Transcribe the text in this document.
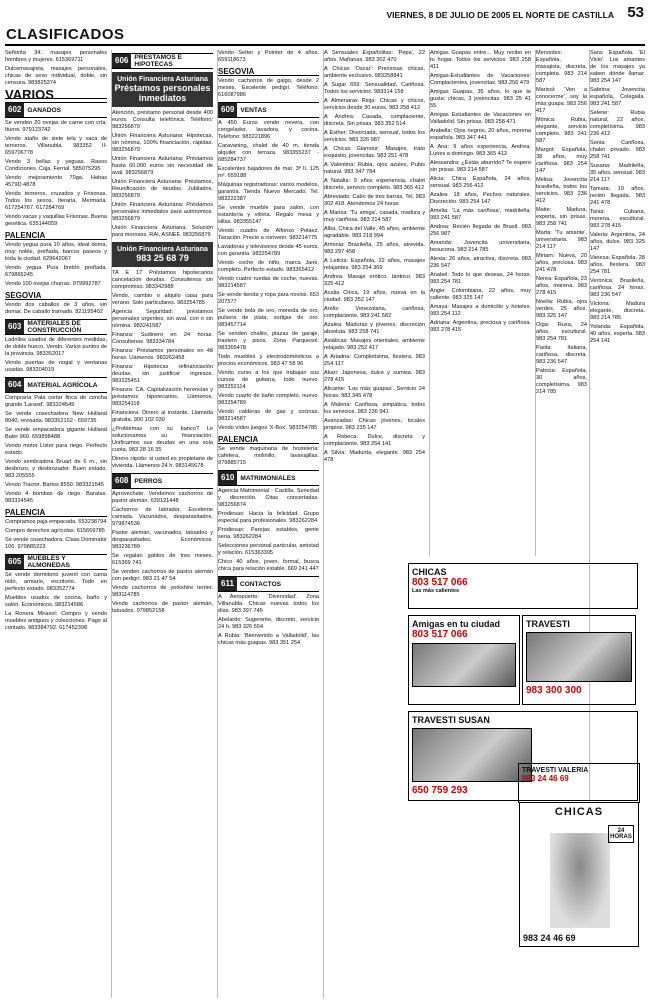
CLASIFICADOS
VIERNES, 8 DE JULIO DE 2005 EL NORTE DE CASTILLA 53
Señorita 34. masajes personales hombres y mujeres. 615369711
Dulcemasajista, masajes personales, chicas de sexo individual, doble, sin censura. 983825374
VARIOS
602 GANADOS
Se venden 20 ovejas de carne con cría. Iturrei. 979123742
Vendo ataño de siete tela y vaca de terneros. Villanubla. 983352 II-659706778
Vendo 3 bellas y yeguas. Rasos Condiciones. Caja. Ferrial. 585075295
Vendo mejoramiento 70ga. Hahas 4579D.4878
Vendo terneros, cruzados y Frisonas. Todos los sexos. Iteraria, Mermaria. 617254767. 617284769
Vendo vacas y vaquillas Frisonas. Buena genética. 635144059
PALENCIA
Vendo yegua pura 10 años, ideal doma, muy noble, preñada, barcos paseos y toda la ciudad. 629642067
Vendo yegua Pura bretón preñada. 679865245
Vendo 100 ovejas churras. 979992787
SEGOVIA
Vendo dos caballos de 3 años, sin domar. De caballo tramado. 821195402
603 MATERIALES DE CONSTRUCCIÓN
Ladrillos usados de diferentes medidas, de doble hueco. Vendo. Varios puntos de la provincia. 983352017
Vendo puertas de nogal y ventanas usadas. 983204019
604 MATERIAL AGRÍCOLA
Compraría Pala cortar finca de concha grande 'Larasd'. 983324545
Se vende cosechadora New Holland 8040, revisada. 983352152 - 659735
Se vende empacadora gigante Holland Baler 960. 659898488
Vendo motor Lister para riego. Perfecto estado.
Vendo sembradora Bruart de 6 m., sin desbrozo, y desbrozador. Buen estado. 983 205555
Vendo Tractor. Bartos 8550. 983321545
Vendo 4 bombas de riego. Baratas. 983324545
PALENCIA
Compramos paja empacada. 653238794
Compro derechos agrícolas. 615669785
Se vende cosechadora. Claas Dominator 106. 979885223
605 MUEBLES Y ALMONEDAS
Se vende dormitorio juvenil con cama nido, armario, escritorio. Todo en perfecto estado. 983352774
Muebles usados de cocina, baño y salón. Económicos. 983214586
La Ronera Mirasol: Compro y vendo muebles antiguos y colecciones. Pago al contado. 983384792. 617452398
606 PRESTAMOS E HIPOTECAS
Unión Financiera Asturiana
Préstamos personales inmediatos
Atención, préstamo personal desde 400 euros. Consulta telefónica. Teléfono: 983256879
Unión Financiera Asturiana: Hipotecas, sin nómina, 100% financiación, rápidas. 983256879
Unión Financiera Asturiana: Préstamos hasta 60.000 euros sin necesidad de aval. 983256879
Unión Financiera Asturiana: Préstamos, Reunificación de deudas. Jubilados. 983256879
Unión Financiera Asturiana: Préstamos personales inmediatos para autónomos. 983256879
Unión Financiera Asturiana: Solución para morosos, RAI, ASNEF. 983256879
Unión Financiera Asturiana
983 25 68 79
TA E 17 Préstamos hipotecarios cancelación deudas. Consultenos sin compromiso. 983342988
Vendo, cambio o alquilo casa para verano. Solo particulares. 983254785
Agencia Seguridad: préstamos personales urgentes, sin aval, con o sin nómina. 983241587
Finanza: Sudinero en 24 horas. Consultenos. 983334784
Finanza: Préstamos personales en 48 horas. Llámenos. 983262458
Finanza: Hipotecas refinanciación deudas, sin justificar ingresos. 983225451
Finanza: CA. Capitalización herencias y préstamos hipotecarios. Llámenos. 983254118
Financiera: Dinero al instante. Llamada gratuita. 900 102 030
¿Problemas con su banco? Le solucionamos su financiación. Unificamos sus deudas en una sola cuota. 983 28 16 35
Dinero rápido: si usted es propietario de vivienda. Llámenos 24 h. 983145678
608 PERROS
Aprovechate. Vendemos cachorros de pastor alemán. 639121448
Cachorros de labrador. Excelente camada. Vacunados, desparasitados. 979874536
Pastor alemán, vacunados, tatuados y desparasitados. Económicos. 983236789
Se regalan gatitos de tres meses. 615369 741
Se venden cachorros de pastor alemán con pedigrí. 983 21 47 54
Vendo cachorros de yorkshire terrier. 983114785
Vendo cachorros de pastor alemán, tatuados. 979852158
Vendo Setter y Pointer de 4 años. 659118673
SEGOVIA
Vendo cachorros de galgo, desde 2 meses. Excelente pedigrí. Teléfono: 616087986
609 VENTAS
A 450 Euros vendo nevera, con congelador, lavadora, y cocina. Teléfono: 983221896
Caravaning, chalet de 40 m, tienda alquiler con terraza. 983355237 - 685284737
Excelentes bajadores de mar. 3ª lí. 125 m². 659188
Máquinas registradoras: varios modelos, garantía. Tienda Nuevo Mercado. Tel. 983222387
Se vende mueble para salón, con estantería y vitrina. Regalo mesa y sillas. 983355147
Vendo cuadro de Alfonso Pelaez. Tasación. Precio a convenir. 983214775
Lavadoras y televisores desde 45 euros, con garantía. 983254789
Vendo coche de niño, marca Jané, completo. Perfecto estado. 983365412
Vendo cuatro ruedas de coche, nuevas. 983214587
Se vende tienda y ropa para novios. 653 207577
Se vende bola de oro, moneda de oro, pulsera de plata, sortijas de oro. 983457714
Se venden chalés, plazas de garaje, trastero y pisos. Zona Parquesol. 983365478
Todo muebles y electrodomésticos a precios económicos. 983 47 58 96
Vendo curso a los que trabajan sus cursos de guitarra, todo nuevo. 983252114
Vendo cuarto de baño completo, nuevo. 983254789
Vendo calderas de gas y cocinas. 983214587
Vendo vídeo juegos 'X-Box'. 983254785
PALENCIA
Se vende maquinaria de hostelería: cafetera, molinillo, lavavajillas. 979885715
610 MATRIMONIALES
Agencia Matrimonial - Castilla. Seriedad y discreción. Citas concertadas. 983256874
Prodiesas: Hacia la felicidad. Grupo especial para profesionales. 983262284
Prodiesas: Parejas estables, gente seria. 983262284
Selecciones personal particular, amistad y relación. 615363395
Chico 40 años, joven, formal, busca chica para relación estable. 669 241 447
611 CONTACTOS
A Aeropuerto: 'Diversidad'. Zona Villanubla. Chicas nuevas todos los días. 983 397 745
Abelardo: Sugerente, discreto, servicio 24 h. 983 326 554
A Rubia: 'Bienvenido a Valladolid', las chicas más guapas. 983 351 254
A Sensuales Españolitas: 'Pepa', 22 años. Mañanas. 983 302 470
A Chicas 'Oscar': Preciosas chicas, ambiente exclusivo. 983258841
A Sugar 659: Sensualidad, Cariñosa. Todos los servicios. 983314 158
A Almenaras Rioja: Chicas y chicos, servicios desde 30 euros. 983 258 412
A Andrea: Casada, complaciente, discreta. Sin prisas. 983 352 514
A Esther: Divorciada, sensual, todos los servicios. 983 326 987
A Chicas Glamour: Masajes, trato exquisito, jovencitas. 983 251 478
A Valentina: Rubia, ojos azules, Pubis natural. 983 347 784
A Natalia: 9 años experiencia, chalet discreto, servicio completo. 983 365 412
Abreviado: Cabo de tres barras, Tel. 983 302 418. Atendemos 24 horas
A Marisa: 'Tu amiga', casada, madura y muy cariñosa. 983 214 587
Alba, Chica del Valle, 45 años, ambiente agradable. 983 218 994
Arminia: Brasileña, 25 años, atrevida. 983 297 458
A Leticia: Española, 22 años, masajes relajantes. 983 254 369
Andrea: Masaje erótico, tántrico. 983 325 412
Acalia Chica, 19 años, nueva en la ciudad. 983 352 147
Arelis: Venezolana, cariñosa, complaciente. 983 241 582
Azalea: Maduras y jóvenes, discreción absoluta. 983 258 741
Asiáticas: Masajes orientales, ambiente relajado. 983 252 417
A Ariadna: Completísima, fiestera. 983 254 117
Akari: Japonesa, dulce y sumisa. 983 278 415
Alicante: 'Las más guapas'. Servicio 24 horas. 983 345 478
A Malena: Cariñosa, simpática, todos los servicios. 983 236 941
Avanzadas: Chicas jóvenes, locales propios. 983 235 147
A Rebeca: Dulce, discreta y complaciente. 983 254 141
A Silvia: Madurita, elegante. 983 254 478
Amigas Guapas entre... Muy recibo en tu hogar. Todos los servicios. 983 258 411
Amigas-Estudiantes de Vacaciones: Complacientes, jovencitas. 983 256 479
Amigas Guapas, 35 años, lo que te gusta: chicas, 3 jovencitas. 983 25 41 55
Amigas Estudiantes de Vacaciones en Valladolid. Sin prisas. 983 258 471
Arabella: Ojos negros, 20 años, morena española. 983 347 441
A Ana: 9 años experiencia, Andrea. Lunes a domingo. 983 365 412
Alessandra: ¿Estás aburrido? Te espero sin prisas. 983 214 587
Alicia: Chica Española, 24 años, sensual. 983 256 412
Azalea: 18 años, Pechos naturales. Discreción. 983 254 147
Amelia: 'La más cariñosa', madrileña. 983 241 587
Andrea: Recién llegada de Brasil. 983 256 987
Amanda: Jovencita universitaria, besucona. 983 214 785
Alexia: 26 años, atractiva, discreta. 983 236 547
Anabel: Todo lo que deseas, 24 horas. 983 254 781
Angie: Colombiana, 22 años, muy caliente. 983 325 147
Amaya: Masajes a domicilio y hoteles. 983 254 112
Adriana: Argentina, preciosa y cariñosa. 983 278 415
Mercedes: Española, masajista, discreta, completa. 983 214 587
Marisol: 'Ven a conocerme', soy la más guapa. 983 256 417
Mónica: Rubia, elegante, servicio completo. 983 241 587
Margot: Española, 38 años, muy cariñosa. 983 254 147
Melisa: Jovencita brasileña, todos los servicios. 983 236 412
Maite: Madura, experta, sin prisas. 983 258 741
Marta: 'Tu amante', universitaria. 983 214 117
Miriam: Nueva, 20 años, preciosa. 983 241 478
Nerea: Española, 23 años, morena. 983 278 415
Noelia: Rubia, ojos verdes, 25 años. 983 325 147
Olga: Rusa, 24 años, escultural. 983 254 781
Paola: Italiana, cariñosa, discreta. 983 236 547
Patricia: Española, 30 años, completísima. 983 214 785
Sara: Española. 'El Vicio'. Los amantes de los masajes ya saben dónde llamar. 983 254 147
Sabrina: Jovencita española, Colegiala. 983 241 587
Selene: Rubia natural, 22 años, completísima. 983 236 412
Sonia: Cariñosa, chalet privado. 983 258 741
Susana: Madrileña, 35 años, sensual. 983 214 117
Tamara: 19 años, recién llegada. 983 241 478
Tania: Cubana, morena, escultural. 983 278 415
Valeria: Argentina, 24 años, dulce. 983 325 147
Vanesa: Española, 28 años, fiestera. 983 254 781
Verónica: Brasileña, cariñosa, 24 horas. 983 236 547
Victoria: Madura elegante, discreta. 983 214 785
Yolanda: Española, 40 años, experta. 983 254 141
CHICAS
803 517 066
Las más calientes
Amigas en tu ciudad
803 517 066
TRAVESTI
983 300 300
TRAVESTI SUSAN
650 759 293
TRAVESTI VALERIA
983 24 46 69
CHICAS
24 HORAS
983 24 46 69
